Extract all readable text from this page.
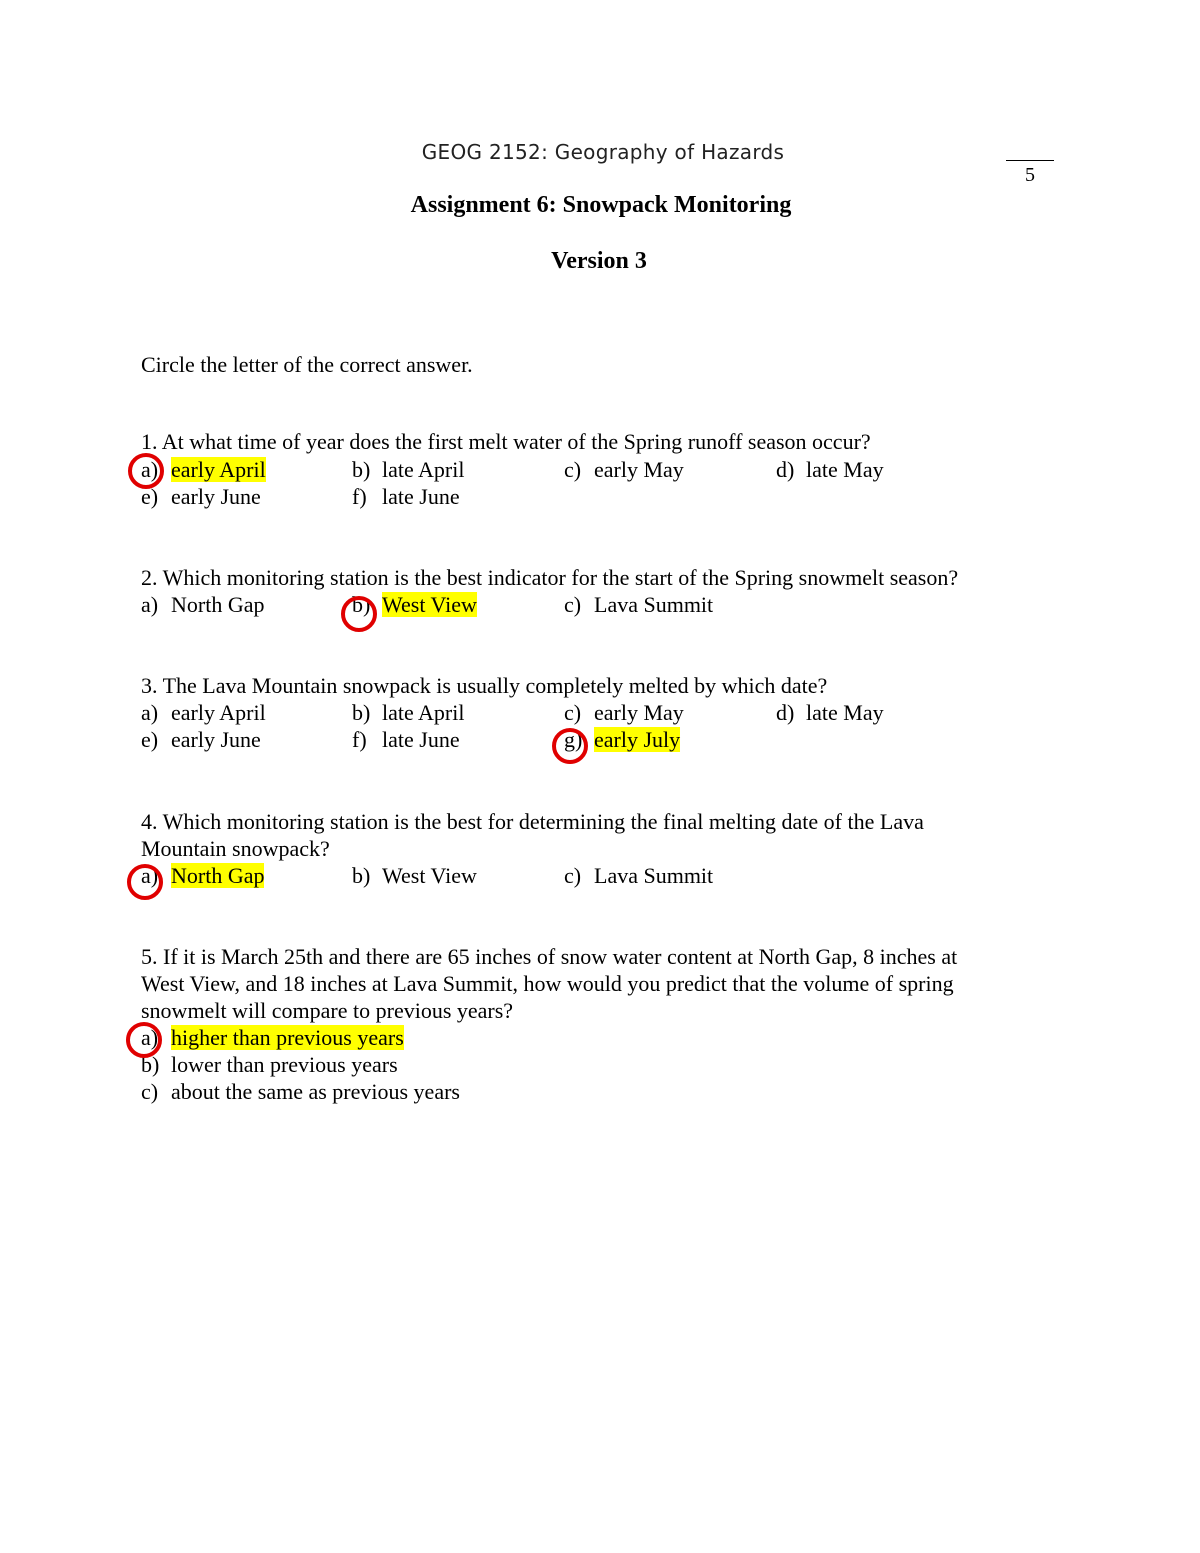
GEOG 2152: Geography of Hazards
5
Assignment 6: Snowpack Monitoring
Version 3
Circle the letter of the correct answer.
1. At what time of year does the first melt water of the Spring runoff season occur?
a) early April	b) late April	c) early May	d) late May
e) early June	f) late June
2. Which monitoring station is the best indicator for the start of the Spring snowmelt season?
a) North Gap	b) West View	c) Lava Summit
3. The Lava Mountain snowpack is usually completely melted by which date?
a) early April	b) late April	c) early May	d) late May
e) early June	f) late June	g) early July
4. Which monitoring station is the best for determining the final melting date of the Lava
Mountain snowpack?
a) North Gap	b) West View	c) Lava Summit
5. If it is March 25th and there are 65 inches of snow water content at North Gap, 8 inches at
West View, and 18 inches at Lava Summit, how would you predict that the volume of spring
snowmelt will compare to previous years?
a) higher than previous years
b) lower than previous years
c) about the same as previous years
